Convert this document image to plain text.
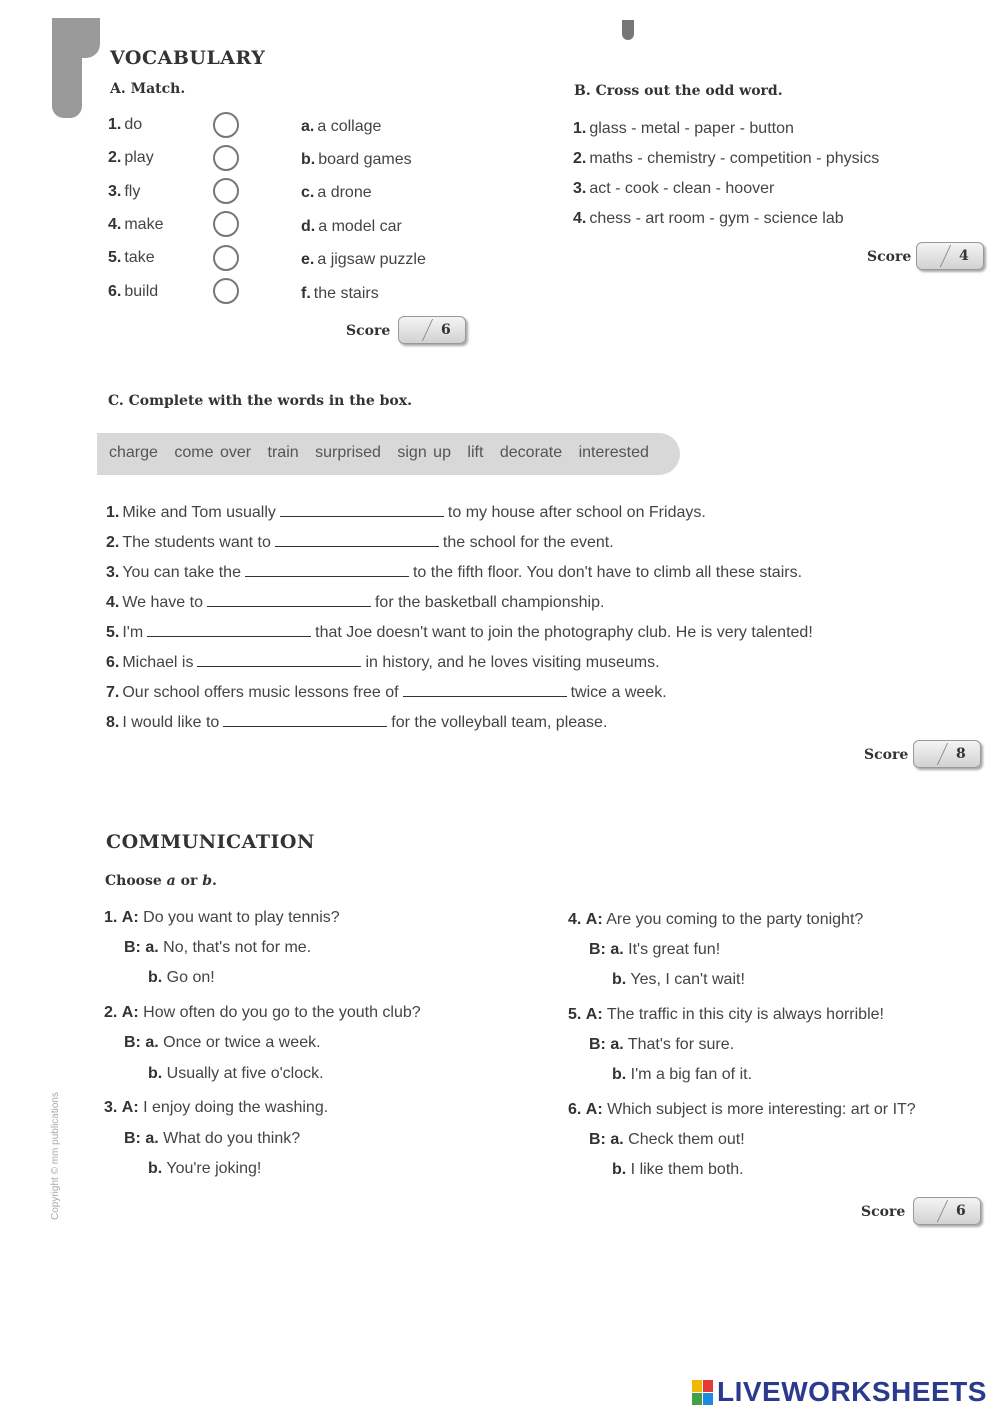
VOCABULARY
A. Match.
1. do
2. play
3. fly
4. make
5. take
6. build
a. a collage
b. board games
c. a drone
d. a model car
e. a jigsaw puzzle
f. the stairs
Score	6
B. Cross out the odd word.
1. glass - metal - paper - button
2. maths - chemistry - competition - physics
3. act - cook - clean - hoover
4. chess - art room - gym - science lab
Score	4
C. Complete with the words in the box.
charge come over train surprised sign up lift decorate interested
1. Mike and Tom usually	to my house after school on Fridays.
2. The students want to	the school for the event.
3. You can take the	to the fifth floor. You don't have to climb all these stairs.
4. We have to	for the basketball championship.
5. I'm	that Joe doesn't want to join the photography club. He is very talented!
6. Michael is	in history, and he loves visiting museums.
7. Our school offers music lessons free of	twice a week.
8. I would like to	for the volleyball team, please.
Score	8
COMMUNICATION
Choose a or b.
1. A: Do you want to play tennis?
B: a. No, that's not for me.
b. Go on!
2. A: How often do you go to the youth club?
B: a. Once or twice a week.
b. Usually at five o'clock.
3. A: I enjoy doing the washing.
B: a. What do you think?
b. You're joking!
4. A: Are you coming to the party tonight?
B: a. It's great fun!
b. Yes, I can't wait!
5. A: The traffic in this city is always horrible!
B: a. That's for sure.
b. I'm a big fan of it.
6. A: Which subject is more interesting: art or IT?
B: a. Check them out!
b. I like them both.
Score	6
Copyright © mm publications
LIVEWORKSHEETS
